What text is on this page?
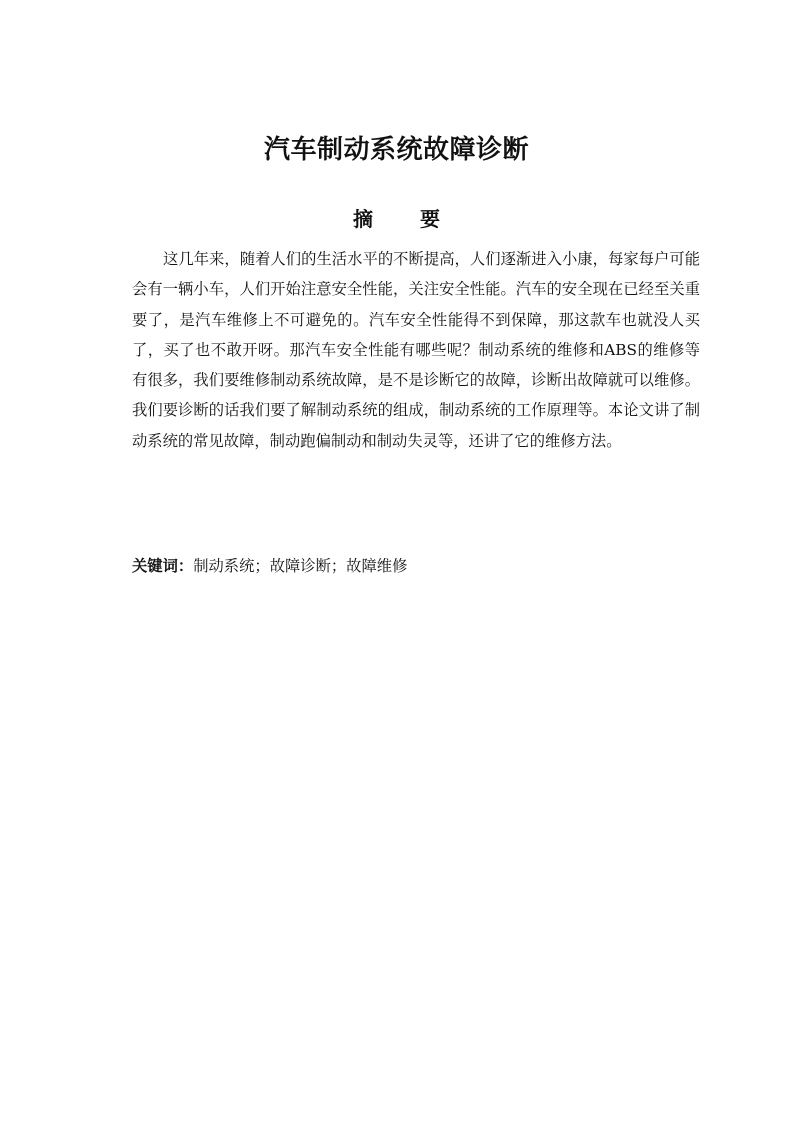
汽车制动系统故障诊断
摘 要

这几年来，随着人们的生活水平的不断提高，人们逐渐进入小康，每家每户可能会有一辆小车，人们开始注意安全性能，关注安全性能。汽车的安全现在已经至关重要了，是汽车维修上不可避免的。汽车安全性能得不到保障，那这款车也就没人买了，买了也不敢开呀。那汽车安全性能有哪些呢？制动系统的维修和ABS的维修等有很多，我们要维修制动系统故障，是不是诊断它的故障，诊断出故障就可以维修。我们要诊断的话我们要了解制动系统的组成，制动系统的工作原理等。本论文讲了制动系统的常见故障，制动跑偏制动和制动失灵等，还讲了它的维修方法。

关键词：制动系统；故障诊断；故障维修
